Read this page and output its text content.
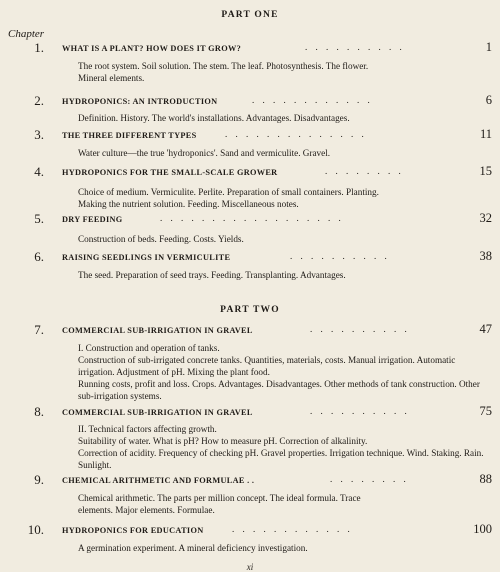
PART ONE
Chapter
1. WHAT IS A PLANT? HOW DOES IT GROW?	. . . . . . . . . .	1
The root system. Soil solution. The stem. The leaf. Photosynthesis. The flower.
Mineral elements.
2. HYDROPONICS: AN INTRODUCTION	. . . . . . . . . . . .	6
Definition. History. The world's installations. Advantages. Disadvantages.
3. THE THREE DIFFERENT TYPES	. . . . . . . . . . . . . .	11
Water culture—the true 'hydroponics'. Sand and vermiculite. Gravel.
4. HYDROPONICS FOR THE SMALL-SCALE GROWER	. . . . . . . .	15
Choice of medium. Vermiculite. Perlite. Preparation of small containers. Planting.
Making the nutrient solution. Feeding. Miscellaneous notes.
5. DRY FEEDING	. . . . . . . . . . . . . . . . . .	32
Construction of beds. Feeding. Costs. Yields.
6. RAISING SEEDLINGS IN VERMICULITE	. . . . . . . . . .	38
The seed. Preparation of seed trays. Feeding. Transplanting. Advantages.
PART TWO
7. COMMERCIAL SUB-IRRIGATION IN GRAVEL	. . . . . . . . . .	47
I. Construction and operation of tanks.
Construction of sub-irrigated concrete tanks. Quantities, materials, costs. Manual irrigation. Automatic irrigation. Adjustment of pH. Mixing the plant food.
Running costs, profit and loss. Crops. Advantages. Disadvantages. Other methods of tank construction. Other sub-irrigation systems.
8. COMMERCIAL SUB-IRRIGATION IN GRAVEL	. . . . . . . . . .	75
II. Technical factors affecting growth.
Suitability of water. What is pH? How to measure pH. Correction of alkalinity.
Correction of acidity. Frequency of checking pH. Gravel properties. Irrigation technique. Wind. Staking. Rain. Sunlight.
9. CHEMICAL ARITHMETIC AND FORMULAE . .	. . . . . . . .	88
Chemical arithmetic. The parts per million concept. The ideal formula. Trace
elements. Major elements. Formulae.
10. HYDROPONICS FOR EDUCATION	. . . . . . . . . . . .	100
A germination experiment. A mineral deficiency investigation.
xi
